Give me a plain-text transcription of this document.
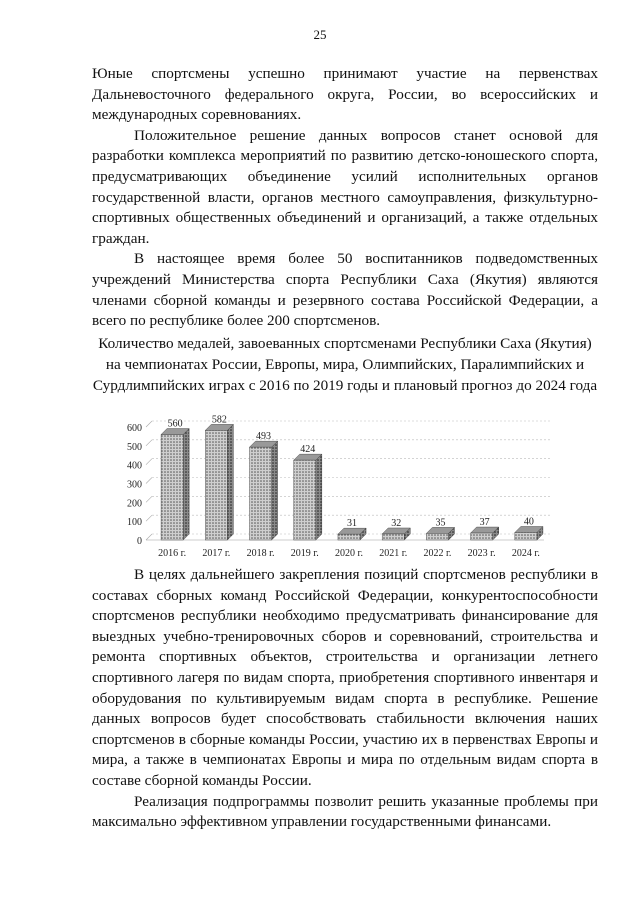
25

Юные спортсмены успешно принимают участие на первенствах Дальневосточного федерального округа, России, во всероссийских и международных соревнованиях.

Положительное решение данных вопросов станет основой для разработки комплекса мероприятий по развитию детско-юношеского спорта, предусматривающих объединение усилий исполнительных органов государственной власти, органов местного самоуправления, физкультурно-спортивных общественных объединений и организаций, а также отдельных граждан.

В настоящее время более 50 воспитанников подведомственных учреждений Министерства спорта Республики Саха (Якутия) являются членами сборной команды и резервного состава Российской Федерации, а всего по республике более 200 спортсменов.

Количество медалей, завоеванных спортсменами Республики Саха (Якутия)
на чемпионатах России, Европы, мира, Олимпийских, Паралимпийских и
Сурдлимпийских играх с 2016 по 2019 годы и плановый прогноз до 2024 года
0
100
200
300
400
500
600	560
2016 г.
582
2017 г.
493
2018 г.
424
2019 г.
31
2020 г.
32
2021 г.
35
2022 г.
37
2023 г.
40
2024 г.

В целях дальнейшего закрепления позиций спортсменов республики в составах сборных команд Российской Федерации, конкурентоспособности спортсменов республики необходимо предусматривать финансирование для выездных учебно-тренировочных сборов и соревнований, строительства и ремонта спортивных объектов, строительства и организации летнего спортивного лагеря по видам спорта, приобретения спортивного инвентаря и оборудования по культивируемым видам спорта в республике. Решение данных вопросов будет способствовать стабильности включения наших спортсменов в сборные команды России, участию их в первенствах Европы и мира, а также в чемпионатах Европы и мира по отдельным видам спорта в составе сборной команды России.

Реализация подпрограммы позволит решить указанные проблемы при максимально эффективном управлении государственными финансами.
